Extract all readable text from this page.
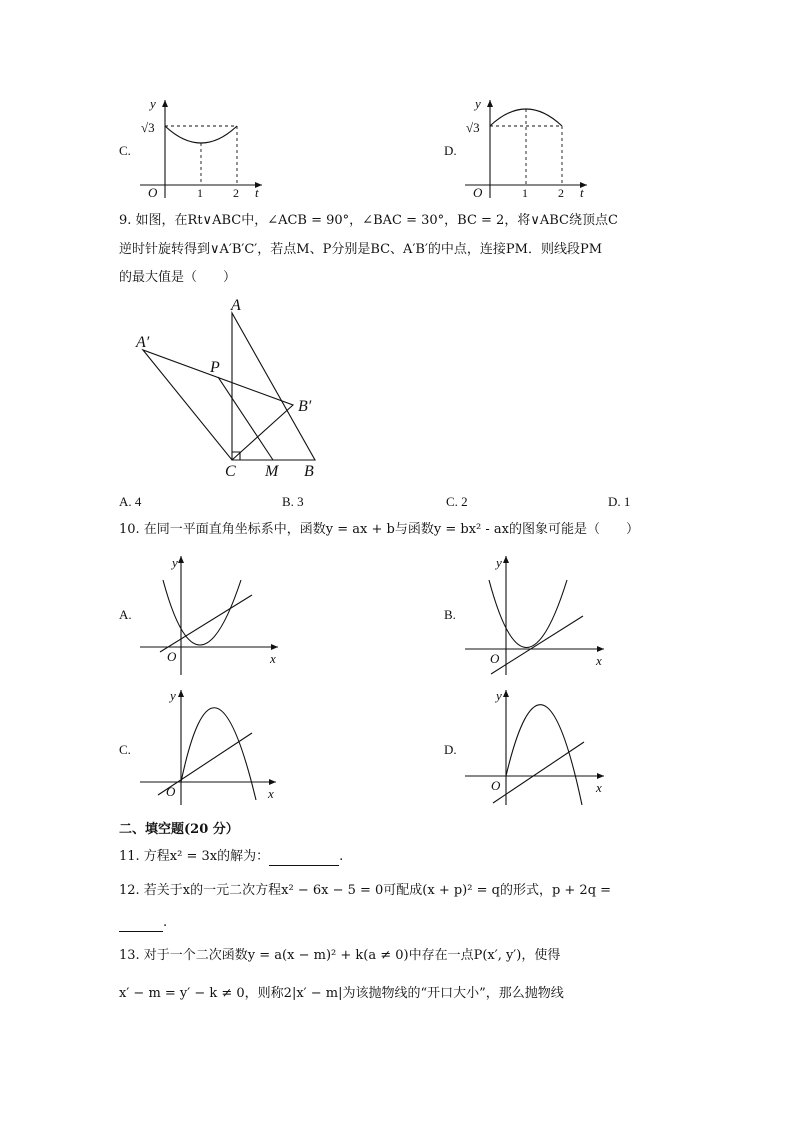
C.
y
t
O	1	2
√3
D.
y
t
O	1	2
√3
9. 如图，在Rt∨ABC中，∠ACB = 90°，∠BAC = 30°，BC = 2，将∨ABC绕顶点C
逆时针旋转得到∨A′B′C′，若点M、P分别是BC、A′B′的中点，连接PM．则线段PM
的最大值是（　　）
A
A′
P
B′
C M B
A. 4	B. 3	C. 2	D. 1
10. 在同一平面直角坐标系中，函数y = ax + b与函数y = bx² - ax的图象可能是（　　）
A.	B.
C.	D.
y
x
O
y
x
O
y
x
O
y
x
O
二、填空题(20 分）
11. 方程x² = 3x的解为：	.
12. 若关于x的一元二次方程x² − 6x − 5 = 0可配成(x + p)² = q的形式，p + 2q =
.
13. 对于一个二次函数y = a(x − m)² + k(a ≠ 0)中存在一点P(x′, y′)，使得
x′ − m = y′ − k ≠ 0，则称2|x′ − m|为该抛物线的“开口大小”，那么抛物线
